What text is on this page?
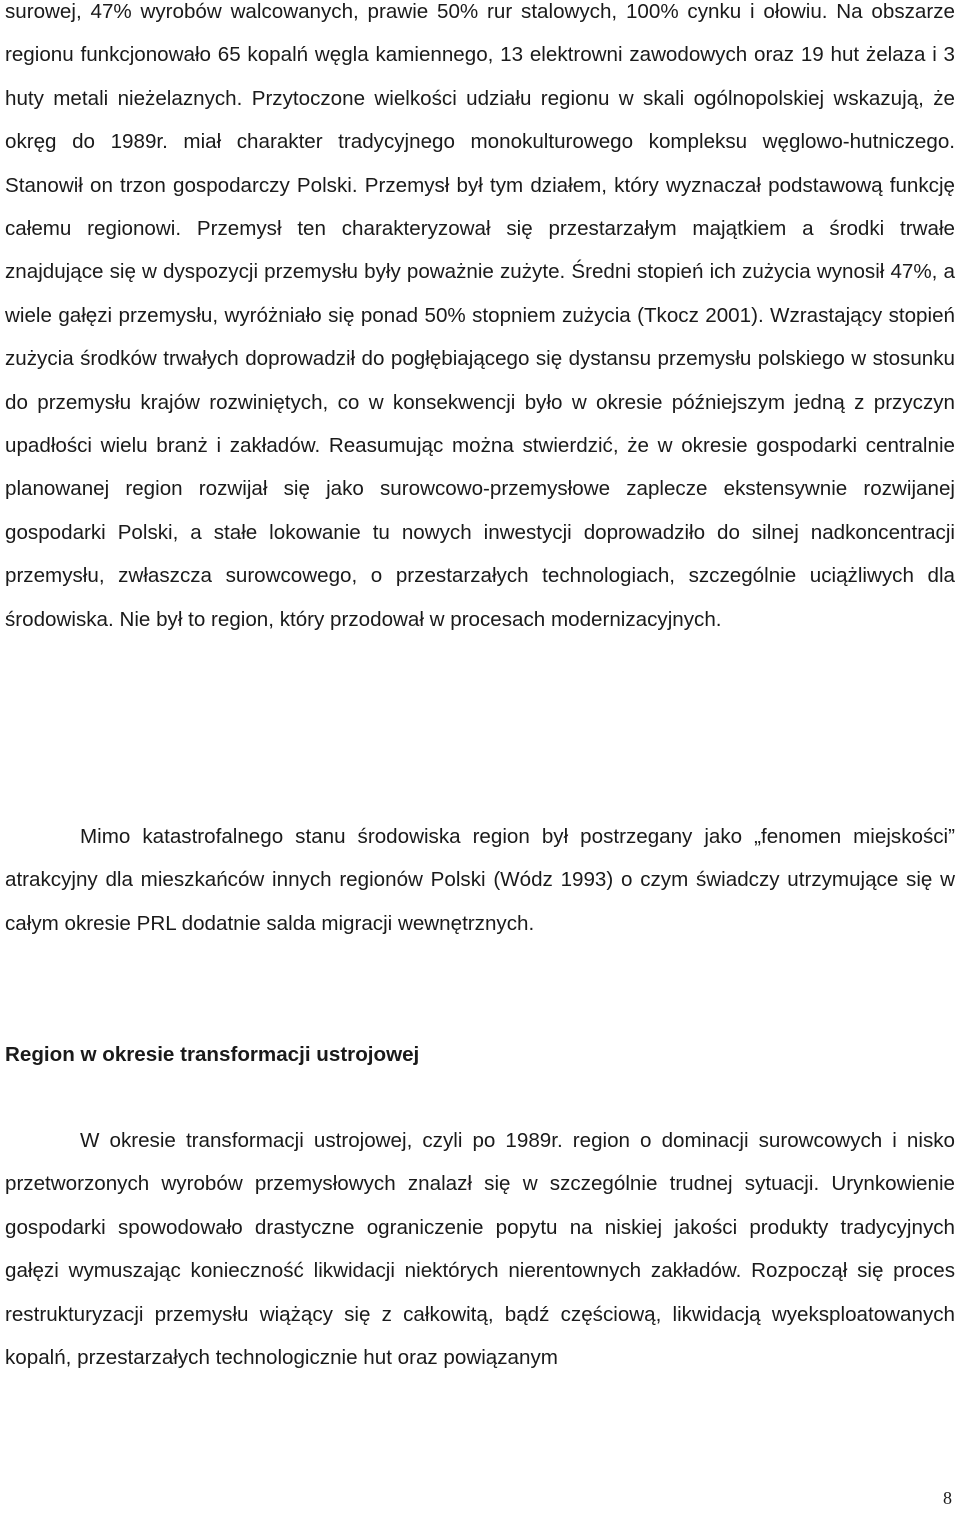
surowej, 47% wyrobów walcowanych, prawie 50% rur stalowych, 100% cynku i ołowiu. Na obszarze regionu funkcjonowało 65 kopalń węgla kamiennego, 13 elektrowni zawodowych oraz 19 hut żelaza i 3 huty metali nieżelaznych. Przytoczone wielkości udziału regionu w skali ogólnopolskiej wskazują, że okręg do 1989r. miał charakter tradycyjnego monokulturowego kompleksu węglowo-hutniczego. Stanowił on trzon gospodarczy Polski. Przemysł był tym działem, który wyznaczał podstawową funkcję całemu regionowi. Przemysł ten charakteryzował się przestarzałym majątkiem a środki trwałe znajdujące się w dyspozycji przemysłu były poważnie zużyte. Średni stopień ich zużycia wynosił 47%, a wiele gałęzi przemysłu, wyróżniało się ponad 50% stopniem zużycia (Tkocz 2001). Wzrastający stopień zużycia środków trwałych doprowadził do pogłębiającego się dystansu przemysłu polskiego w stosunku do przemysłu krajów rozwiniętych, co w konsekwencji było w okresie późniejszym jedną z przyczyn upadłości wielu branż i zakładów. Reasumując można stwierdzić, że w okresie gospodarki centralnie planowanej region rozwijał się jako surowcowo-przemysłowe zaplecze ekstensywnie rozwijanej gospodarki Polski, a stałe lokowanie tu nowych inwestycji doprowadziło do silnej nadkoncentracji przemysłu, zwłaszcza surowcowego, o przestarzałych technologiach, szczególnie uciążliwych dla środowiska. Nie był to region, który przodował w procesach modernizacyjnych.

Mimo katastrofalnego stanu środowiska region był postrzegany jako „fenomen miejskości” atrakcyjny dla mieszkańców innych regionów Polski (Wódz 1993) o czym świadczy utrzymujące się w całym okresie PRL dodatnie salda migracji wewnętrznych.

Region w okresie transformacji ustrojowej

W okresie transformacji ustrojowej, czyli po 1989r. region o dominacji surowcowych i nisko przetworzonych wyrobów przemysłowych znalazł się w szczególnie trudnej sytuacji. Urynkowienie gospodarki spowodowało drastyczne ograniczenie popytu na niskiej jakości produkty tradycyjnych gałęzi wymuszając konieczność likwidacji niektórych nierentownych zakładów. Rozpoczął się proces restrukturyzacji przemysłu wiążący się z całkowitą, bądź częściową, likwidacją wyeksploatowanych kopalń, przestarzałych technologicznie hut oraz powiązanym

8
